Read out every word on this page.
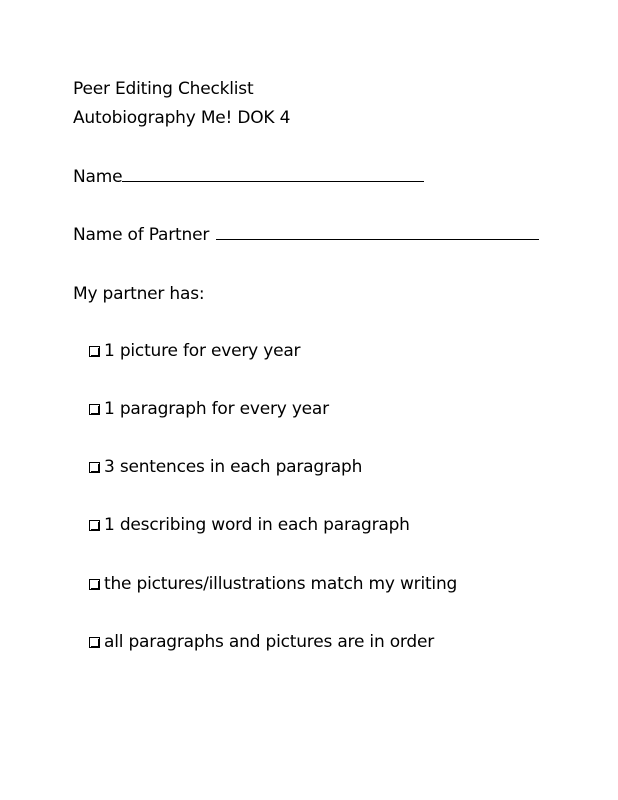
Peer Editing Checklist
Autobiography Me! DOK 4
Name
Name of Partner
My partner has:
1 picture for every year
1 paragraph for every year
3 sentences in each paragraph
1 describing word in each paragraph
the pictures/illustrations match my writing
all paragraphs and pictures are in order
